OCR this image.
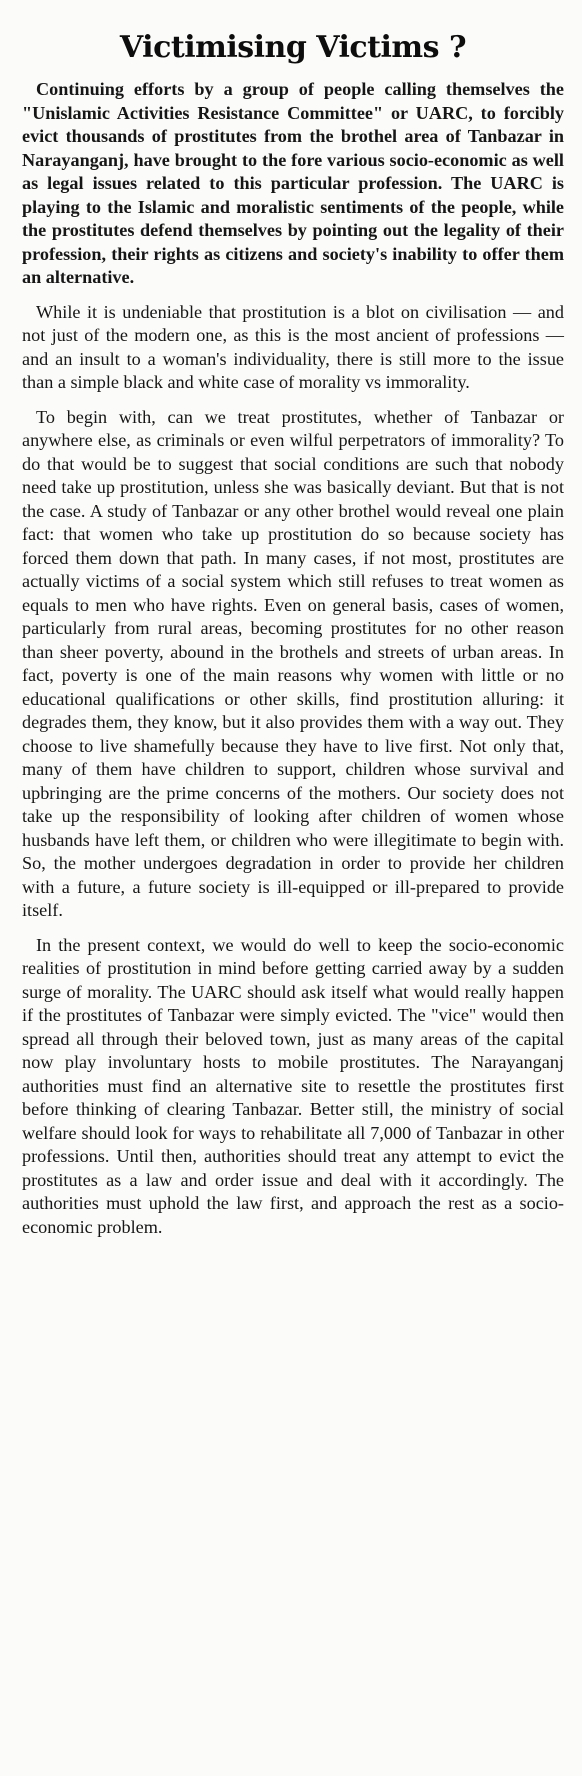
Victimising Victims ?

Continuing efforts by a group of people calling themselves the "Unislamic Activities Resistance Committee" or UARC, to forcibly evict thousands of prostitutes from the brothel area of Tanbazar in Narayanganj, have brought to the fore various socio-economic as well as legal issues related to this particular profession. The UARC is playing to the Islamic and moralistic sentiments of the people, while the prostitutes defend themselves by pointing out the legality of their profession, their rights as citizens and society's inability to offer them an alternative.

While it is undeniable that prostitution is a blot on civilisation — and not just of the modern one, as this is the most ancient of professions — and an insult to a woman's individuality, there is still more to the issue than a simple black and white case of morality vs immorality.

To begin with, can we treat prostitutes, whether of Tanbazar or anywhere else, as criminals or even wilful perpetrators of immorality? To do that would be to suggest that social conditions are such that nobody need take up prostitution, unless she was basically deviant. But that is not the case. A study of Tanbazar or any other brothel would reveal one plain fact: that women who take up prostitution do so because society has forced them down that path. In many cases, if not most, prostitutes are actually victims of a social system which still refuses to treat women as equals to men who have rights. Even on general basis, cases of women, particularly from rural areas, becoming prostitutes for no other reason than sheer poverty, abound in the brothels and streets of urban areas. In fact, poverty is one of the main reasons why women with little or no educational qualifications or other skills, find prostitution alluring: it degrades them, they know, but it also provides them with a way out. They choose to live shamefully because they have to live first. Not only that, many of them have children to support, children whose survival and upbringing are the prime concerns of the mothers. Our society does not take up the responsibility of looking after children of women whose husbands have left them, or children who were illegitimate to begin with. So, the mother undergoes degradation in order to provide her children with a future, a future society is ill-equipped or ill-prepared to provide itself.

In the present context, we would do well to keep the socio-economic realities of prostitution in mind before getting carried away by a sudden surge of morality. The UARC should ask itself what would really happen if the prostitutes of Tanbazar were simply evicted. The "vice" would then spread all through their beloved town, just as many areas of the capital now play involuntary hosts to mobile prostitutes. The Narayanganj authorities must find an alternative site to resettle the prostitutes first before thinking of clearing Tanbazar. Better still, the ministry of social welfare should look for ways to rehabilitate all 7,000 of Tanbazar in other professions. Until then, authorities should treat any attempt to evict the prostitutes as a law and order issue and deal with it accordingly. The authorities must uphold the law first, and approach the rest as a socio-economic problem.
